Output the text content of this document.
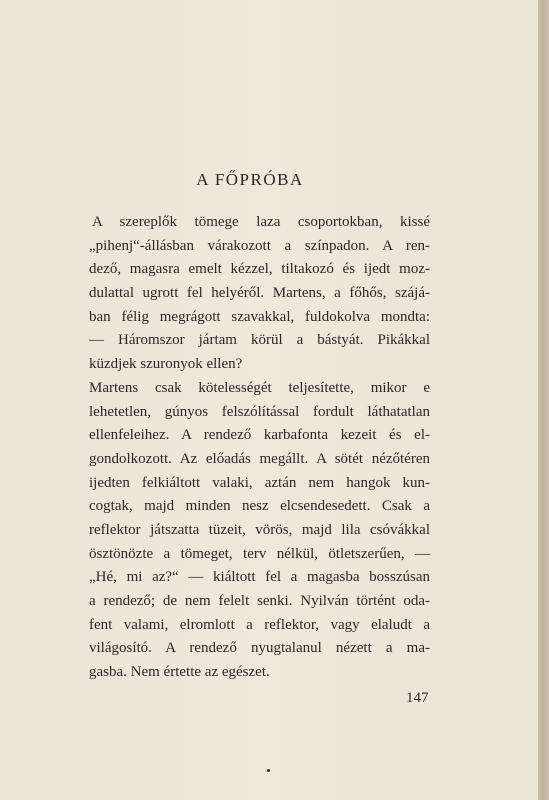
A FŐPRÓBA
A szereplők tömege laza csoportokban, kissé
„pihenj“-állásban várakozott a színpadon. A ren-
dező, magasra emelt kézzel, tiltakozó és ijedt moz-
dulattal ugrott fel helyéről. Martens, a főhős, szájá-
ban félig megrágott szavakkal, fuldokolva mondta:
— Háromszor jártam körül a bástyát. Pikákkal
küzdjek szuronyok ellen?
Martens csak kötelességét teljesítette, mikor e
lehetetlen, gúnyos felszólítással fordult láthatatlan
ellenfeleihez. A rendező karbafonta kezeit és el-
gondolkozott. Az előadás megállt. A sötét nézőtéren
ijedten felkiáltott valaki, aztán nem hangok kun-
cogtak, majd minden nesz elcsendesedett. Csak a
reflektor játszatta tüzeit, vörös, majd lila csóvákkal
ösztönözte a tömeget, terv nélkül, ötletszerűen, —
„Hé, mi az?“ — kiáltott fel a magasba bosszúsan
a rendező; de nem felelt senki. Nyilván történt oda-
fent valami, elromlott a reflektor, vagy elaludt a
világosító. A rendező nyugtalanul nézett a ma-
gasba. Nem értette az egészet.
147
